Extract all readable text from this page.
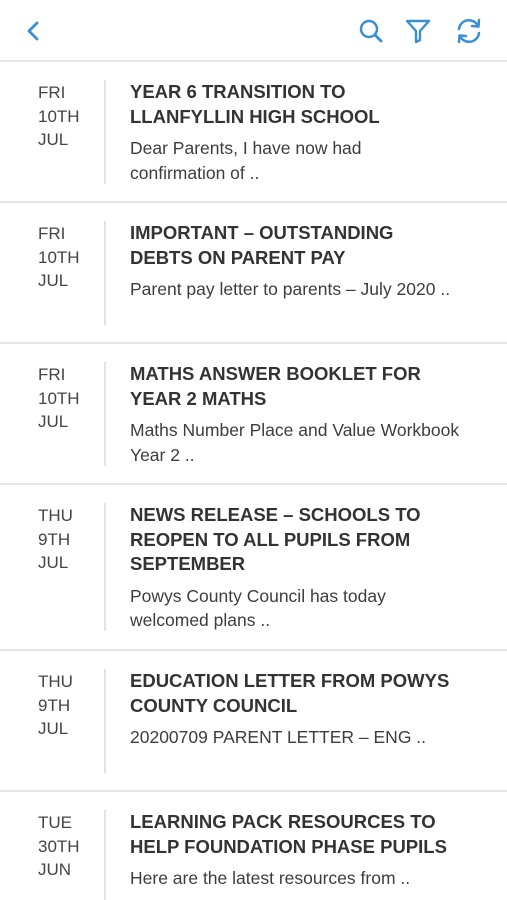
FRI
10TH
JUL
YEAR 6 TRANSITION TO LLANFYLLIN HIGH SCHOOL
Dear Parents, I have now had confirmation of ..
FRI
10TH
JUL
IMPORTANT – OUTSTANDING DEBTS ON PARENT PAY
Parent pay letter to parents – July 2020 ..
FRI
10TH
JUL
MATHS ANSWER BOOKLET FOR YEAR 2 MATHS
Maths Number Place and Value Workbook Year 2 ..
THU
9TH
JUL
NEWS RELEASE – SCHOOLS TO REOPEN TO ALL PUPILS FROM SEPTEMBER
Powys County Council has today welcomed plans ..
THU
9TH
JUL
EDUCATION LETTER FROM POWYS COUNTY COUNCIL
20200709 PARENT LETTER – ENG ..
TUE
30TH
JUN
LEARNING PACK RESOURCES TO HELP FOUNDATION PHASE PUPILS
Here are the latest resources from ..
